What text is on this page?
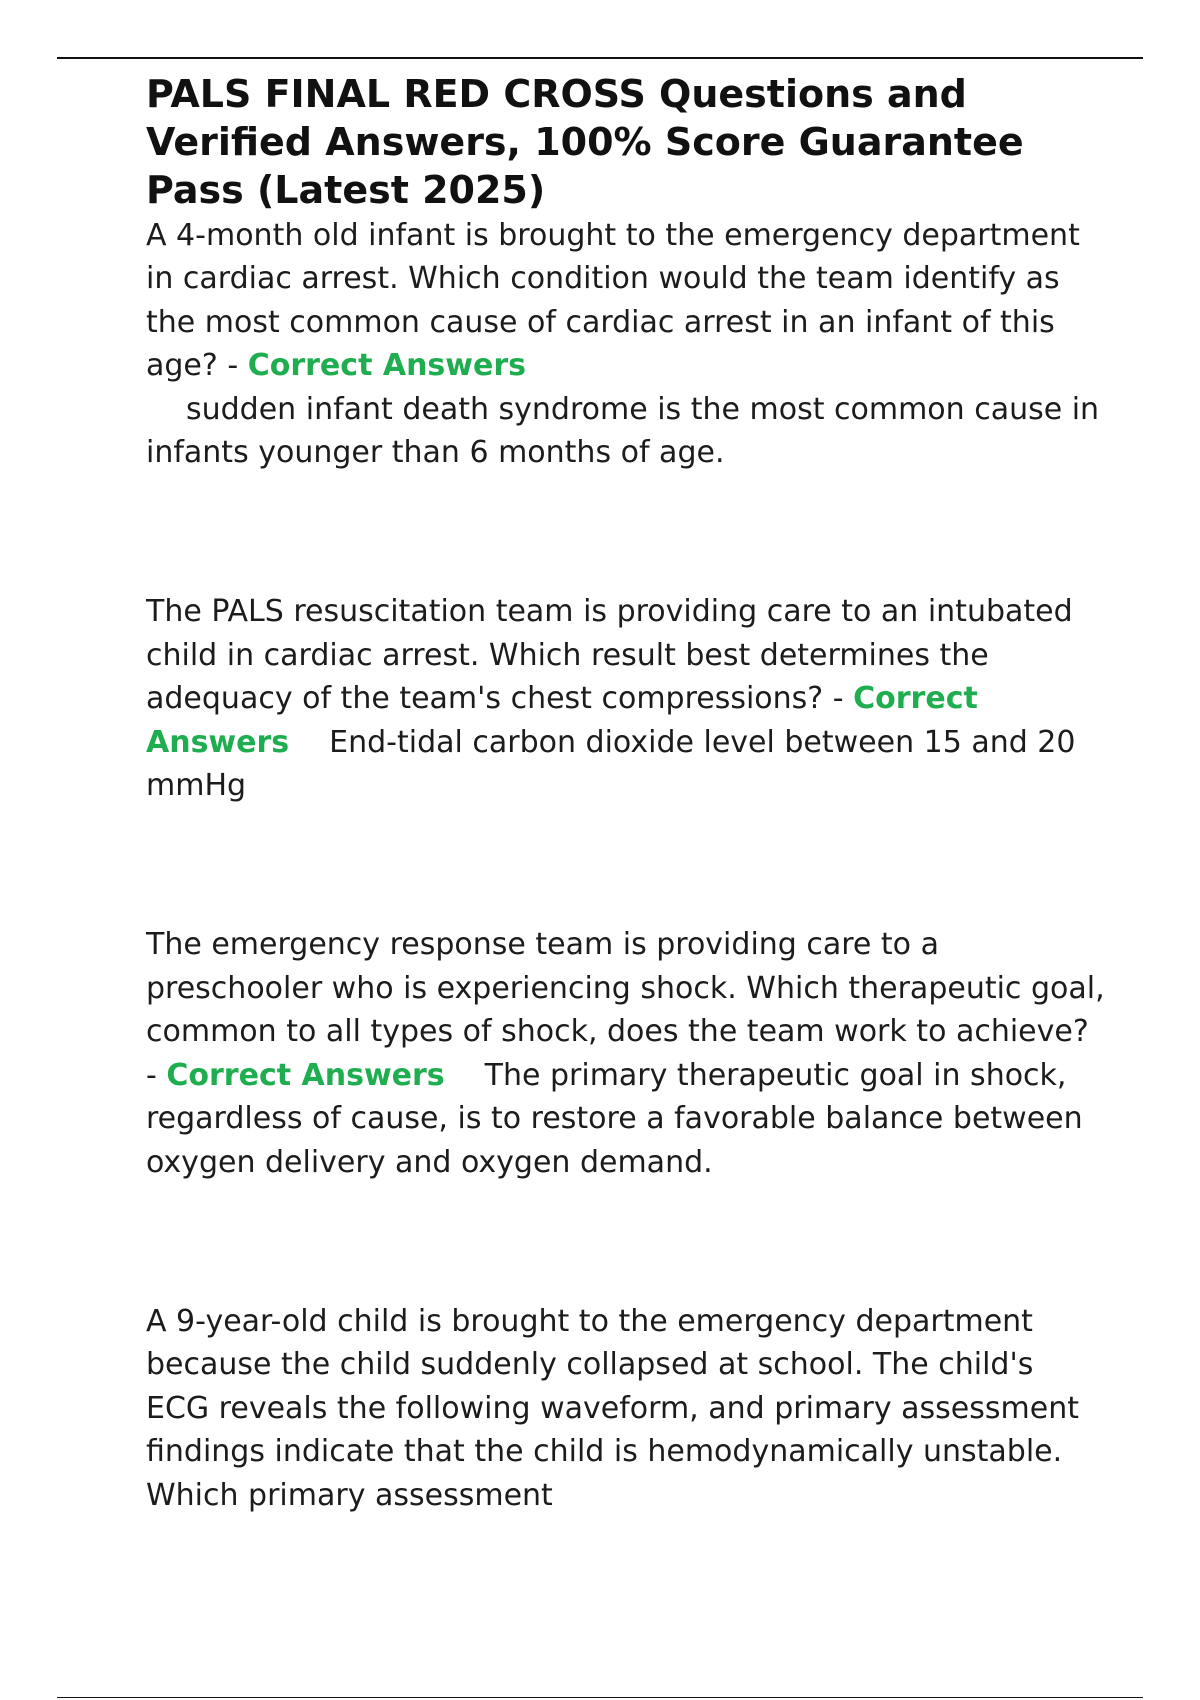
PALS FINAL RED CROSS Questions and Verified Answers, 100% Score Guarantee Pass (Latest 2025)

A 4-month old infant is brought to the emergency department in cardiac arrest. Which condition would the team identify as the most common cause of cardiac arrest in an infant of this age? - Correct Answers
sudden infant death syndrome is the most common cause in infants younger than 6 months of age.

The PALS resuscitation team is providing care to an intubated child in cardiac arrest. Which result best determines the adequacy of the team's chest compressions? - Correct Answers End-tidal carbon dioxide level between 15 and 20 mmHg

The emergency response team is providing care to a preschooler who is experiencing shock. Which therapeutic goal, common to all types of shock, does the team work to achieve? - Correct Answers The primary therapeutic goal in shock, regardless of cause, is to restore a favorable balance between oxygen delivery and oxygen demand.

A 9-year-old child is brought to the emergency department because the child suddenly collapsed at school. The child's ECG reveals the following waveform, and primary assessment findings indicate that the child is hemodynamically unstable. Which primary assessment
